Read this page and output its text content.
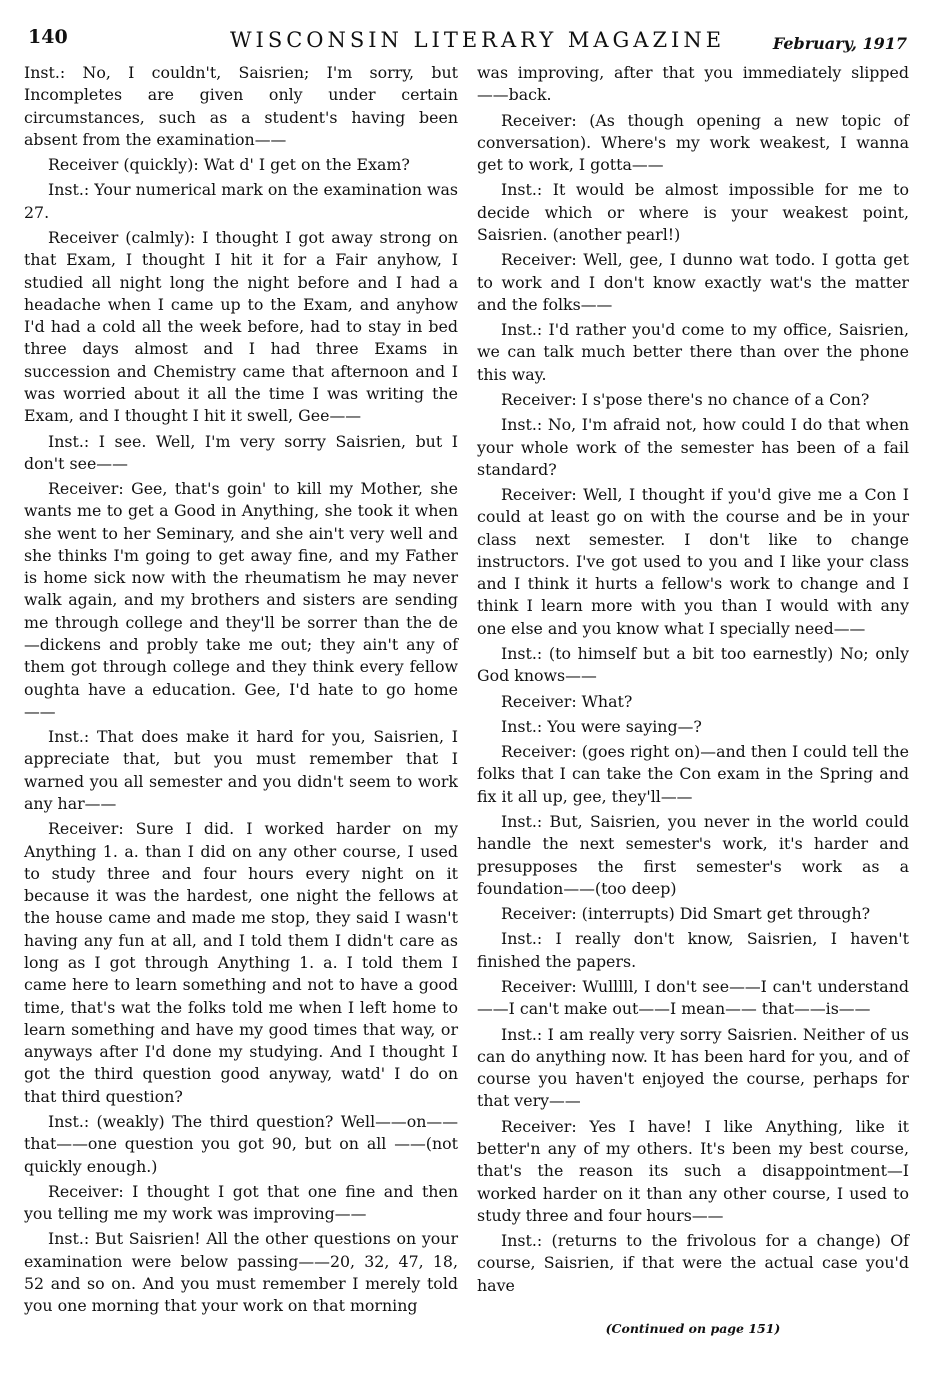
140	WISCONSIN LITERARY MAGAZINE	February, 1917

Inst.: No, I couldn't, Saisrien; I'm sorry, but Incompletes are given only under certain circumstances, such as a student's having been absent from the examination——

Receiver (quickly): Wat d' I get on the Exam?

Inst.: Your numerical mark on the examination was 27.

Receiver (calmly): I thought I got away strong on that Exam, I thought I hit it for a Fair anyhow, I studied all night long the night before and I had a headache when I came up to the Exam, and anyhow I'd had a cold all the week before, had to stay in bed three days almost and I had three Exams in succession and Chemistry came that afternoon and I was worried about it all the time I was writing the Exam, and I thought I hit it swell, Gee——

Inst.: I see. Well, I'm very sorry Saisrien, but I don't see——

Receiver: Gee, that's goin' to kill my Mother, she wants me to get a Good in Anything, she took it when she went to her Seminary, and she ain't very well and she thinks I'm going to get away fine, and my Father is home sick now with the rheumatism he may never walk again, and my brothers and sisters are sending me through college and they'll be sorrer than the de—dickens and probly take me out; they ain't any of them got through college and they think every fellow oughta have a education. Gee, I'd hate to go home——

Inst.: That does make it hard for you, Saisrien, I appreciate that, but you must remember that I warned you all semester and you didn't seem to work any har——

Receiver: Sure I did. I worked harder on my Anything 1. a. than I did on any other course, I used to study three and four hours every night on it because it was the hardest, one night the fellows at the house came and made me stop, they said I wasn't having any fun at all, and I told them I didn't care as long as I got through Anything 1. a. I told them I came here to learn something and not to have a good time, that's wat the folks told me when I left home to learn something and have my good times that way, or anyways after I'd done my studying. And I thought I got the third question good anyway, watd' I do on that third question?

Inst.: (weakly) The third question? Well——on——that——one question you got 90, but on all ——(not quickly enough.)

Receiver: I thought I got that one fine and then you telling me my work was improving——

Inst.: But Saisrien! All the other questions on your examination were below passing——20, 32, 47, 18, 52 and so on. And you must remember I merely told you one morning that your work on that morning

was improving, after that you immediately slipped——back.

Receiver: (As though opening a new topic of conversation). Where's my work weakest, I wanna get to work, I gotta——

Inst.: It would be almost impossible for me to decide which or where is your weakest point, Saisrien. (another pearl!)

Receiver: Well, gee, I dunno wat todo. I gotta get to work and I don't know exactly wat's the matter and the folks——

Inst.: I'd rather you'd come to my office, Saisrien, we can talk much better there than over the phone this way.

Receiver: I s'pose there's no chance of a Con?

Inst.: No, I'm afraid not, how could I do that when your whole work of the semester has been of a fail standard?

Receiver: Well, I thought if you'd give me a Con I could at least go on with the course and be in your class next semester. I don't like to change instructors. I've got used to you and I like your class and I think it hurts a fellow's work to change and I think I learn more with you than I would with any one else and you know what I specially need——

Inst.: (to himself but a bit too earnestly) No; only God knows——

Receiver: What?

Inst.: You were saying—?

Receiver: (goes right on)—and then I could tell the folks that I can take the Con exam in the Spring and fix it all up, gee, they'll——

Inst.: But, Saisrien, you never in the world could handle the next semester's work, it's harder and presupposes the first semester's work as a foundation——(too deep)

Receiver: (interrupts) Did Smart get through?

Inst.: I really don't know, Saisrien, I haven't finished the papers.

Receiver: Wulllll, I don't see——I can't understand——I can't make out——I mean—— that——is——

Inst.: I am really very sorry Saisrien. Neither of us can do anything now. It has been hard for you, and of course you haven't enjoyed the course, perhaps for that very——

Receiver: Yes I have! I like Anything, like it better'n any of my others. It's been my best course, that's the reason its such a disappointment—I worked harder on it than any other course, I used to study three and four hours——

Inst.: (returns to the frivolous for a change) Of course, Saisrien, if that were the actual case you'd have

(Continued on page 151)
